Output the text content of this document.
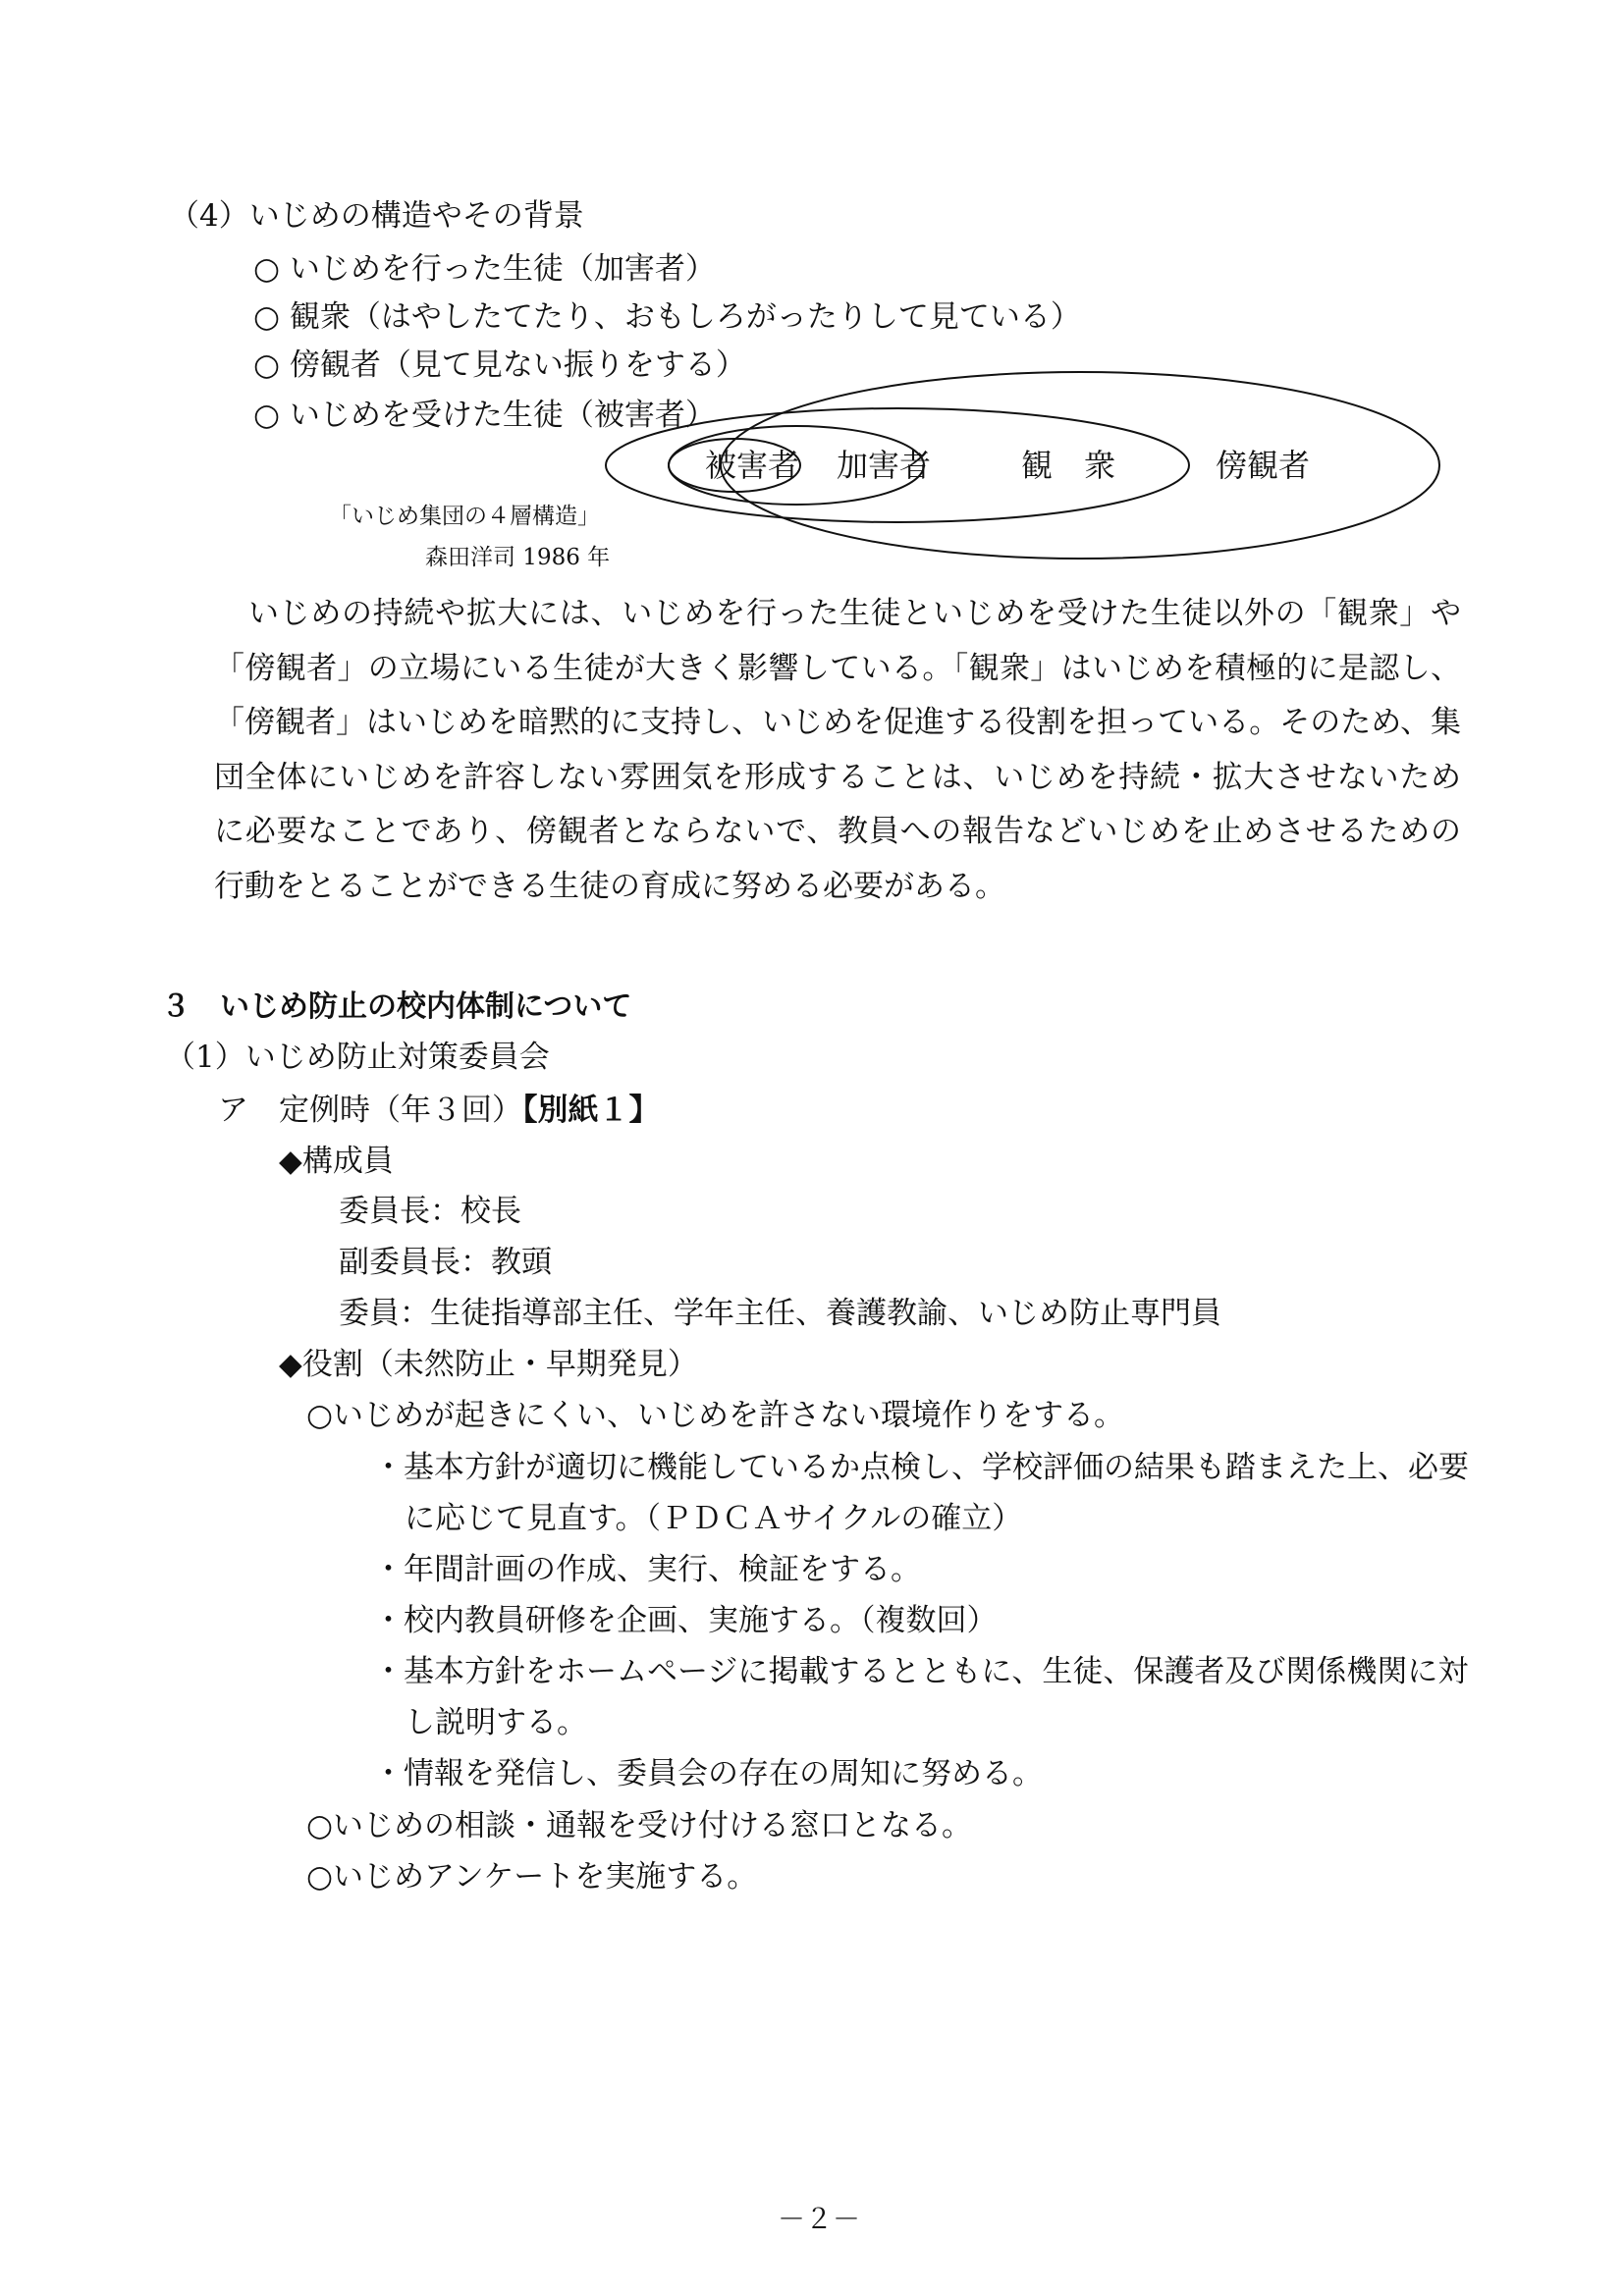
（4）いじめの構造やその背景
○ いじめを行った生徒（加害者）
○ 観衆（はやしたてたり、おもしろがったりして見ている）
○ 傍観者（見て見ない振りをする）
○ いじめを受けた生徒（被害者）
被害者 加害者	観　衆	傍観者
「いじめ集団の４層構造」
森田洋司 1986 年
いじめの持続や拡大には、いじめを行った生徒といじめを受けた生徒以外の「観衆」や「傍観者」の立場にいる生徒が大きく影響している。「観衆」はいじめを積極的に是認し、「傍観者」はいじめを暗黙的に支持し、いじめを促進する役割を担っている。そのため、集団全体にいじめを許容しない雰囲気を形成することは、いじめを持続・拡大させないために必要なことであり、傍観者とならないで、教員への報告などいじめを止めさせるための行動をとることができる生徒の育成に努める必要がある。
３　いじめ防止の校内体制について
（1）いじめ防止対策委員会
ア　定例時（年３回）【別紙１】
◆構成員
委員長：校長
副委員長：教頭
委員：生徒指導部主任、学年主任、養護教諭、いじめ防止専門員
◆役割（未然防止・早期発見）
○いじめが起きにくい、いじめを許さない環境作りをする。
・基本方針が適切に機能しているか点検し、学校評価の結果も踏まえた上、必要
に応じて見直す。（ＰＤＣＡサイクルの確立）
・年間計画の作成、実行、検証をする。
・校内教員研修を企画、実施する。（複数回）
・基本方針をホームページに掲載するとともに、生徒、保護者及び関係機関に対
し説明する。
・情報を発信し、委員会の存在の周知に努める。
○いじめの相談・通報を受け付ける窓口となる。
○いじめアンケートを実施する。
－２－
